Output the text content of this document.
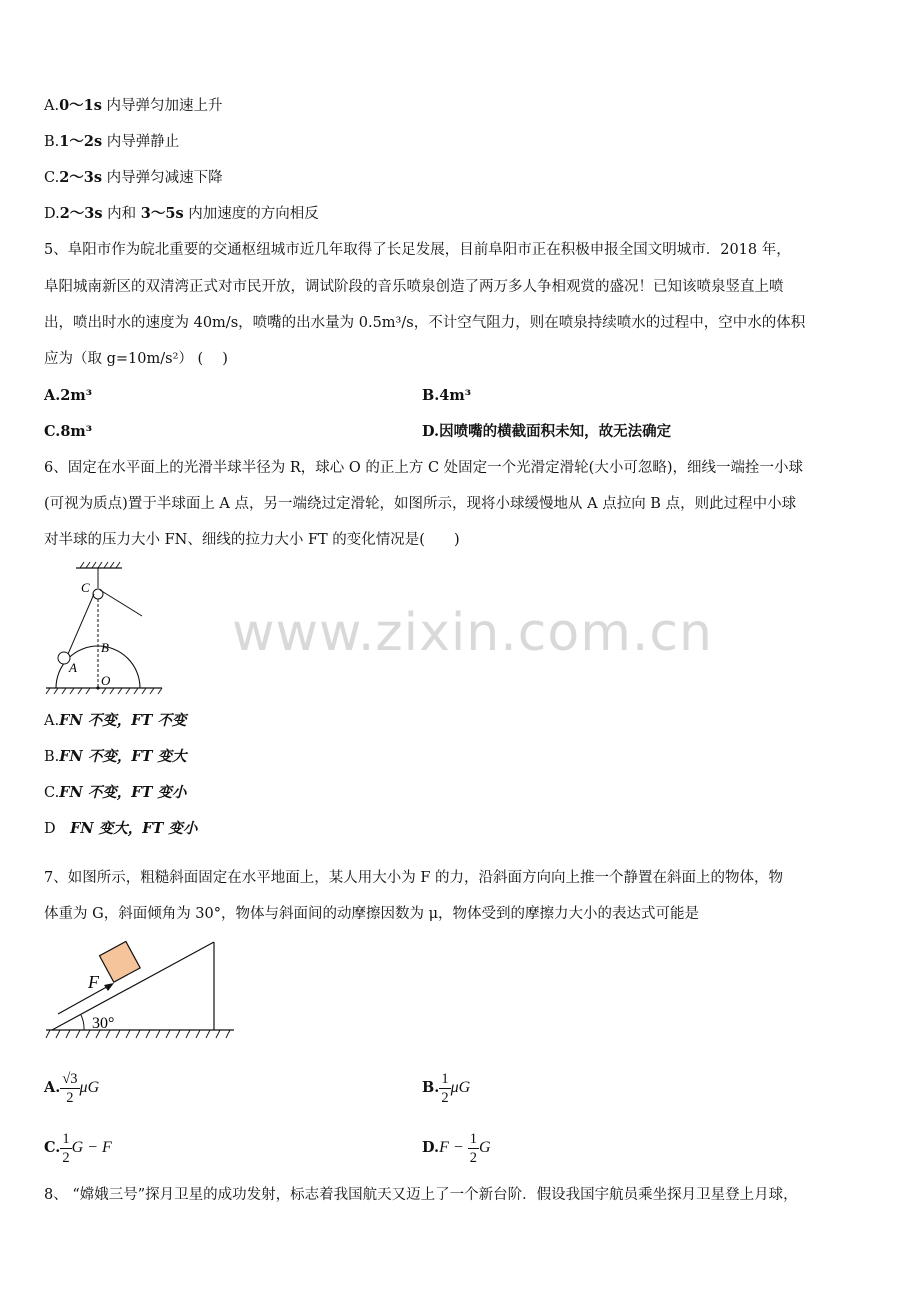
A.0～1s 内导弹匀加速上升
B.1～2s 内导弹静止
C.2～3s 内导弹匀减速下降
D.2～3s 内和 3～5s 内加速度的方向相反
5、阜阳市作为皖北重要的交通枢纽城市近几年取得了长足发展，目前阜阳市正在积极申报全国文明城市．2018 年，
阜阳城南新区的双清湾正式对市民开放，调试阶段的音乐喷泉创造了两万多人争相观赏的盛况！已知该喷泉竖直上喷
出，喷出时水的速度为 40m/s，喷嘴的出水量为 0.5m³/s，不计空气阻力，则在喷泉持续喷水的过程中，空中水的体积
应为（取 g=10m/s²） (　 )
A.2m³	B.4m³
C.8m³	D.因喷嘴的横截面积未知，故无法确定
6、固定在水平面上的光滑半球半径为 R，球心 O 的正上方 C 处固定一个光滑定滑轮(大小可忽略)，细线一端拴一小球
(可视为质点)置于半球面上 A 点，另一端绕过定滑轮，如图所示，现将小球缓慢地从 A 点拉向 B 点，则此过程中小球
对半球的压力大小 FN、细线的拉力大小 FT 的变化情况是(　　)
C
B
A
O
www.zixin.com.cn
A.FN 不变，FT 不变
B.FN 不变，FT 变大
C.FN 不变，FT 变小
D　FN 变大，FT 变小
7、如图所示，粗糙斜面固定在水平地面上，某人用大小为 F 的力，沿斜面方向向上推一个静置在斜面上的物体，物
体重为 G，斜面倾角为 30°，物体与斜面间的动摩擦因数为 μ，物体受到的摩擦力大小的表达式可能是
F
30°
A. $\frac{√3}{2}$ μG	B. $\frac{1}{2}$ μG
C. $\frac{1}{2}$ G − F	$D.F - \frac{1}{2}$ G
8、 “嫦娥三号”探月卫星的成功发射，标志着我国航天又迈上了一个新台阶．假设我国宇航员乘坐探月卫星登上月球，
